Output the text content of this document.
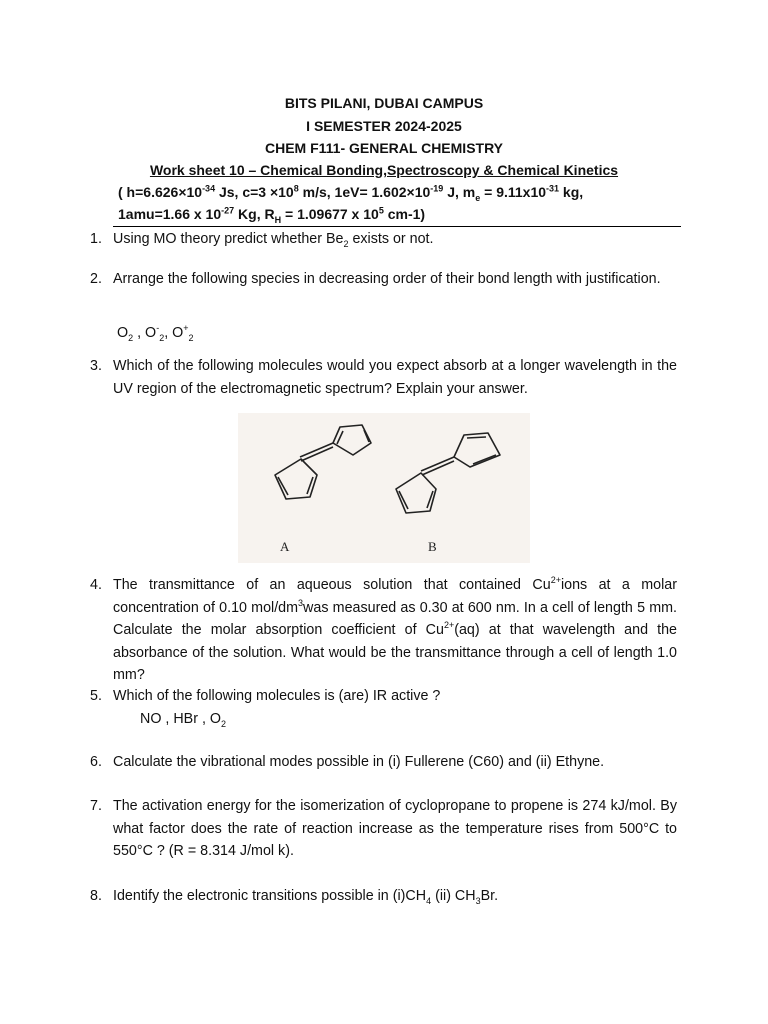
BITS PILANI, DUBAI CAMPUS
I SEMESTER 2024-2025
CHEM F111- GENERAL CHEMISTRY
Work sheet 10 – Chemical Bonding,Spectroscopy & Chemical Kinetics
( $h=6.626\times 10^{-34}$ Js, $c=3 \times 10^8$ m/s, $1eV= 1.602\times 10^{-19}$ J, $m_e = 9.11x10^{-31}$ kg,
1amu=1.66 x $10^{-27}$ Kg, $R_H = 1.09677$ x $10^5$ cm-1)
1. Using MO theory predict whether $Be_2$ exists or not.
2. Arrange the following species in decreasing order of their bond length with justification.
$O_2$ , $O^-_2$, $O^+_2$
3. Which of the following molecules would you expect absorb at a longer wavelength in the UV region of the electromagnetic spectrum? Explain your answer.
A	B
4. The transmittance of an aqueous solution that contained $Cu^{2+}ions$ at a molar concentration of 0.10 mol/$dm^3was$ measured as 0.30 at 600 nm. In a cell of length 5 mm. Calculate the molar absorption coefficient of $Cu^{2+}(aq)$ at that wavelength and the absorbance of the solution. What would be the transmittance through a cell of length 1.0 mm?
5. Which of the following molecules is (are) IR active ?
NO , HBr , $O_2$
6. Calculate the vibrational modes possible in (i) Fullerene (C60) and (ii) Ethyne.
7. The activation energy for the isomerization of cyclopropane to propene is 274 kJ/mol. By what factor does the rate of reaction increase as the temperature rises from 500°C to 550°C ? (R = 8.314 J/mol k).
8. Identify the electronic transitions possible in $(i)CH_4$ (ii) $CH_3Br$.
